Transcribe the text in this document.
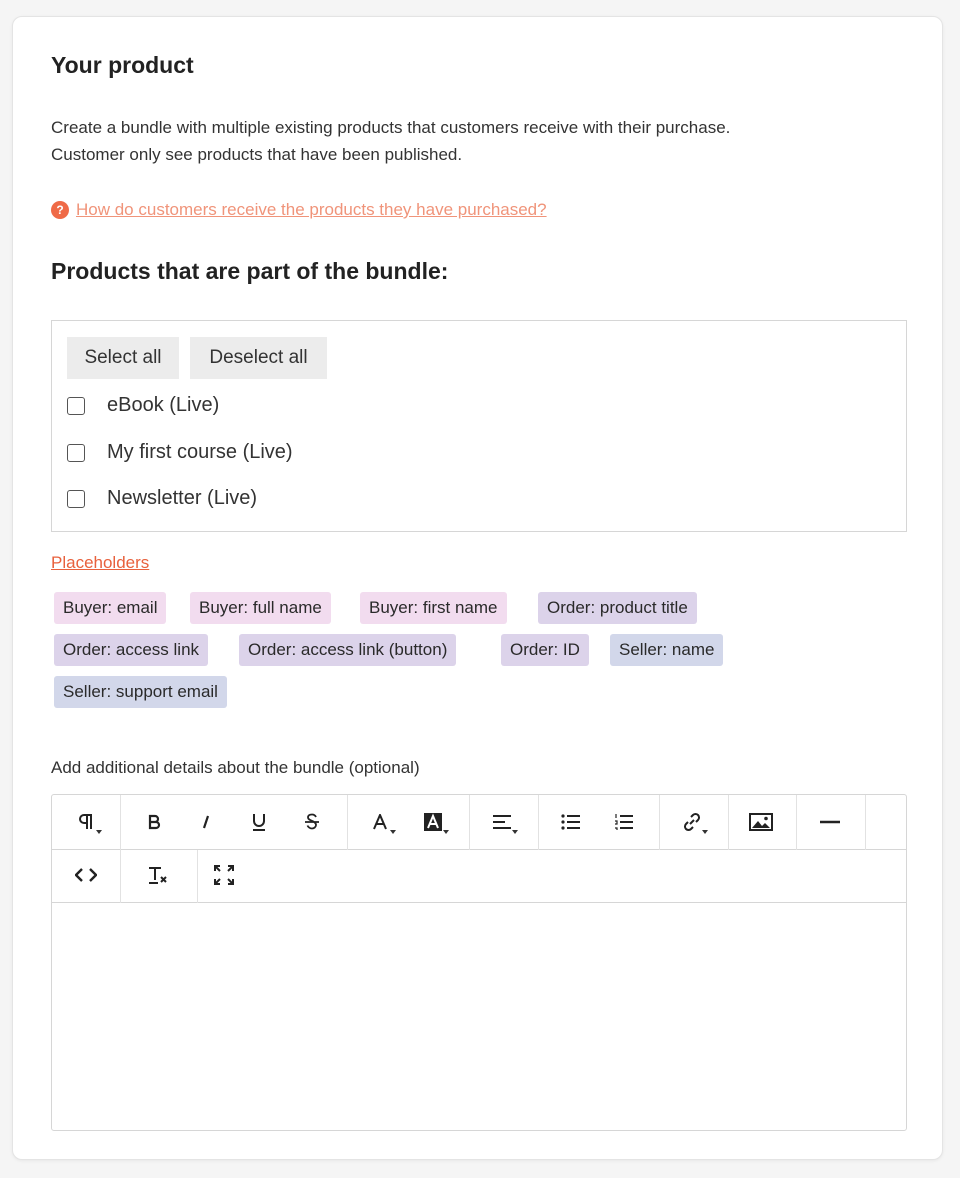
Your product
Create a bundle with multiple existing products that customers receive with their purchase.
Customer only see products that have been published.
? How do customers receive the products they have purchased?
Products that are part of the bundle:
Select all	Deselect all
eBook (Live)
My first course (Live)
Newsletter (Live)
Placeholders
Buyer: email	Buyer: full name	Buyer: first name	Order: product title
Order: access link	Order: access link (button)	Order: ID	Seller: name
Seller: support email
Add additional details about the bundle (optional)
